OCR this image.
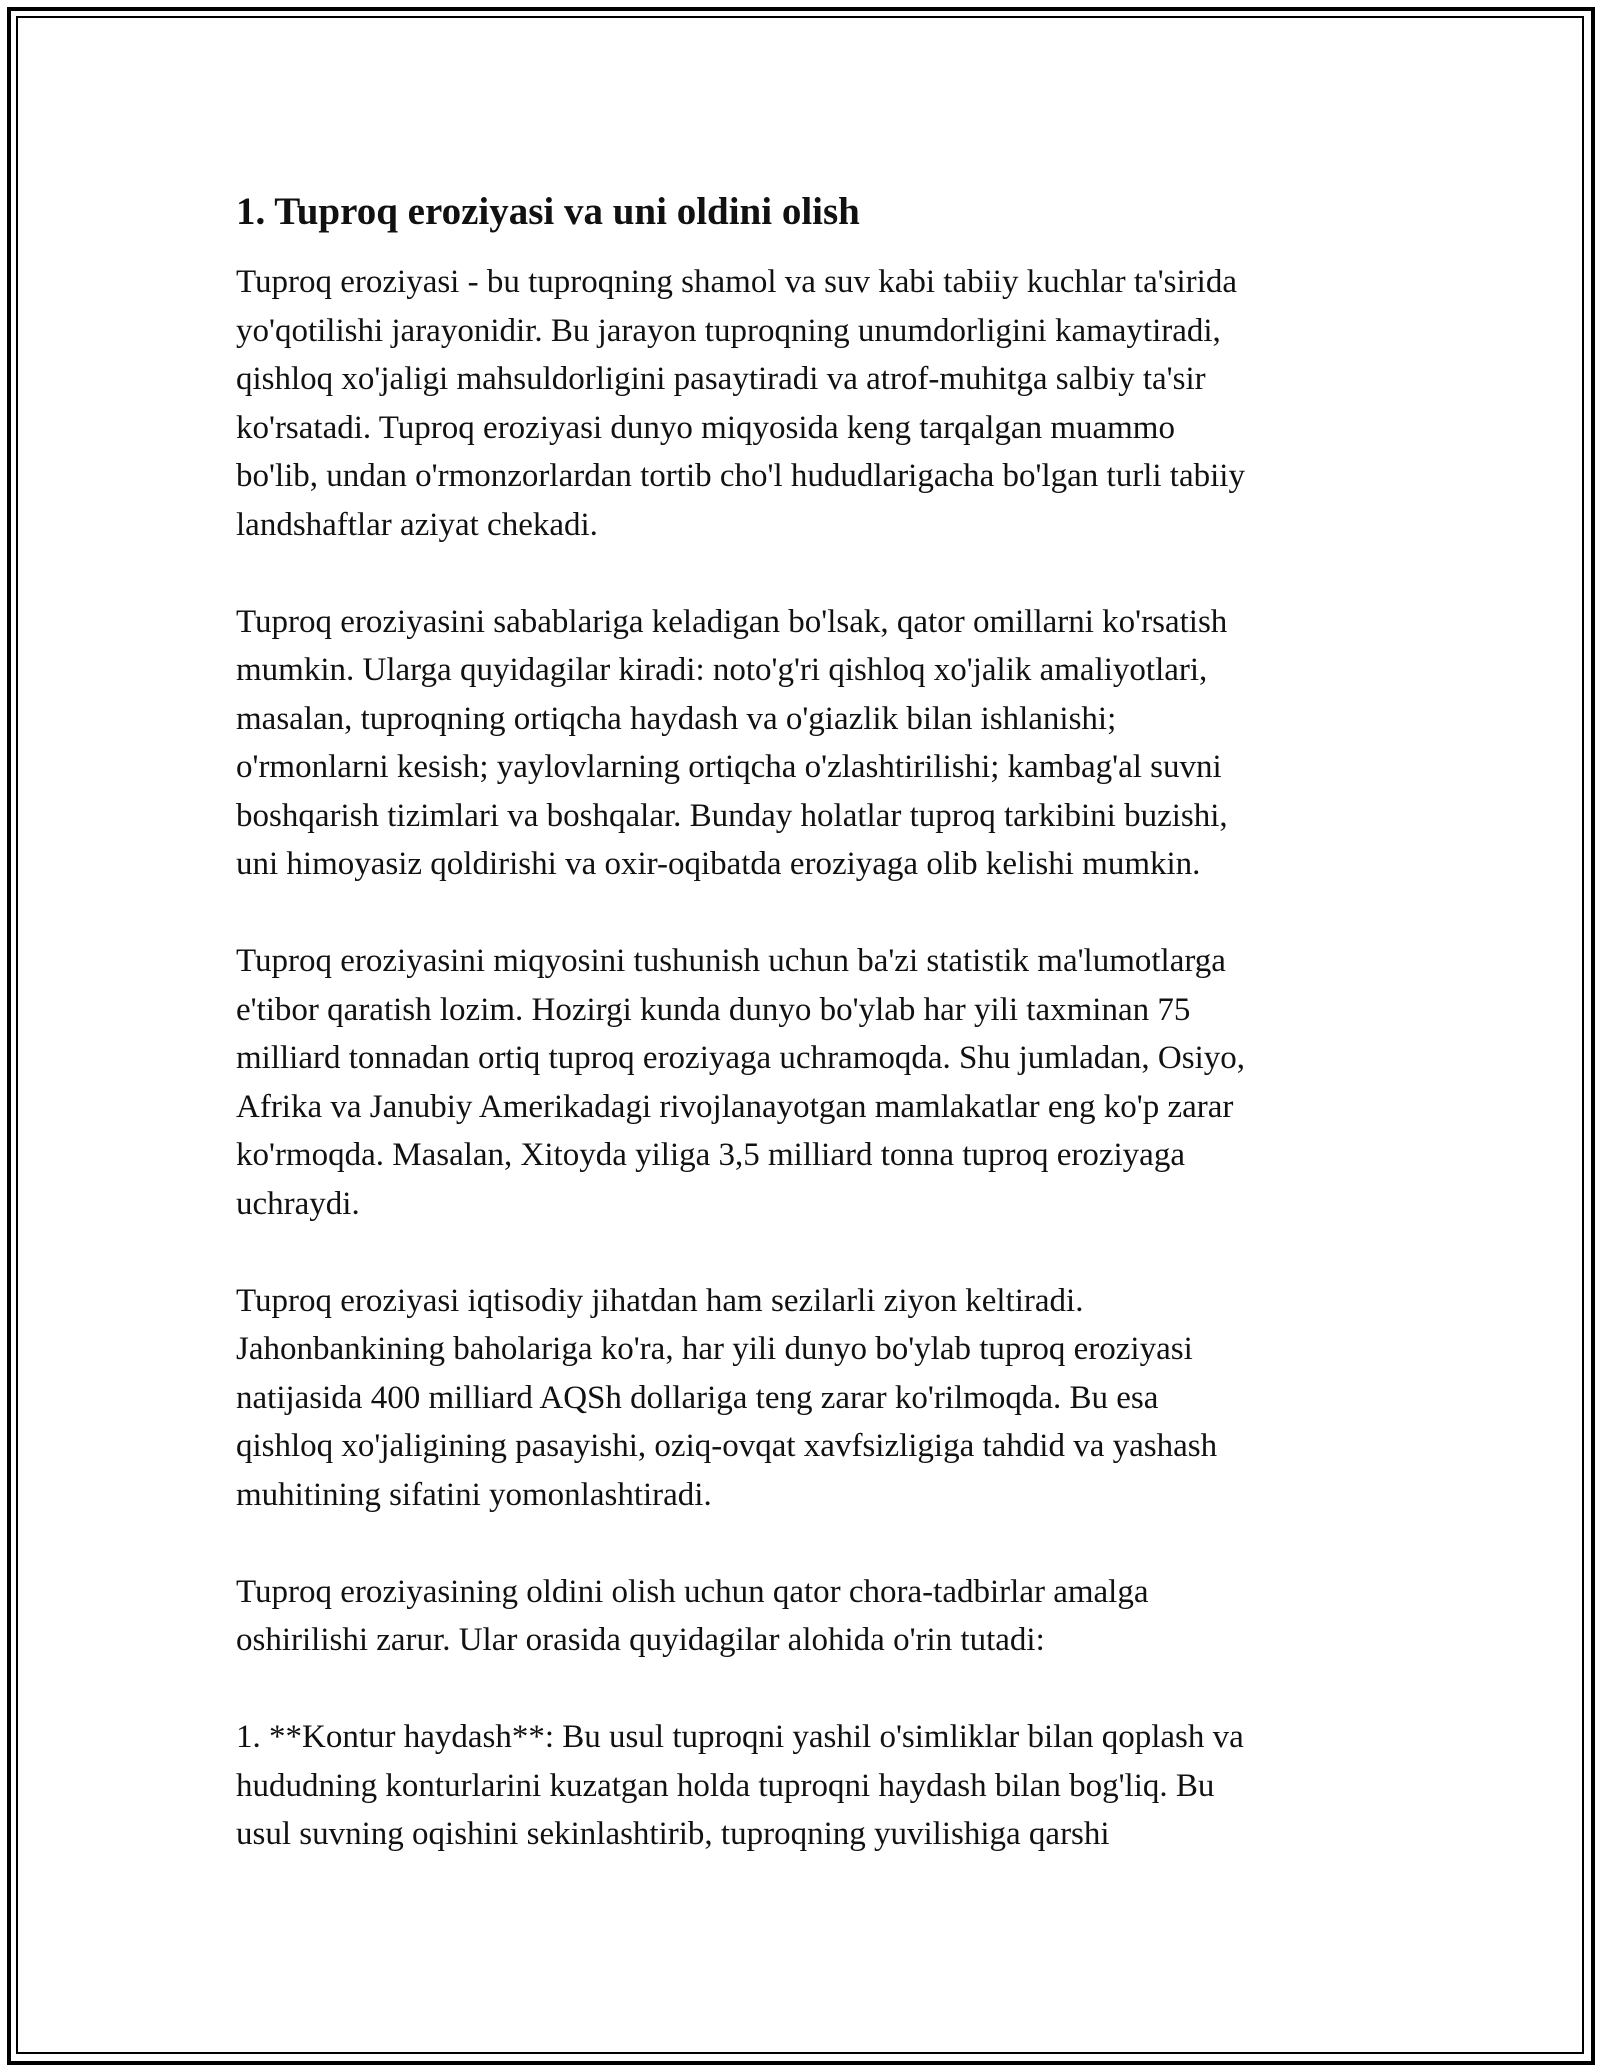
1. Tuproq eroziyasi va uni oldini olish

Tuproq eroziyasi - bu tuproqning shamol va suv kabi tabiiy kuchlar ta'sirida
yo'qotilishi jarayonidir. Bu jarayon tuproqning unumdorligini kamaytiradi,
qishloq xo'jaligi mahsuldorligini pasaytiradi va atrof-muhitga salbiy ta'sir
ko'rsatadi. Tuproq eroziyasi dunyo miqyosida keng tarqalgan muammo
bo'lib, undan o'rmonzorlardan tortib cho'l hududlarigacha bo'lgan turli tabiiy
landshaftlar aziyat chekadi.

Tuproq eroziyasini sabablariga keladigan bo'lsak, qator omillarni ko'rsatish
mumkin. Ularga quyidagilar kiradi: noto'g'ri qishloq xo'jalik amaliyotlari,
masalan, tuproqning ortiqcha haydash va o'giazlik bilan ishlanishi;
o'rmonlarni kesish; yaylovlarning ortiqcha o'zlashtirilishi; kambag'al suvni
boshqarish tizimlari va boshqalar. Bunday holatlar tuproq tarkibini buzishi,
uni himoyasiz qoldirishi va oxir-oqibatda eroziyaga olib kelishi mumkin.

Tuproq eroziyasini miqyosini tushunish uchun ba'zi statistik ma'lumotlarga
e'tibor qaratish lozim. Hozirgi kunda dunyo bo'ylab har yili taxminan 75
milliard tonnadan ortiq tuproq eroziyaga uchramoqda. Shu jumladan, Osiyo,
Afrika va Janubiy Amerikadagi rivojlanayotgan mamlakatlar eng ko'p zarar
ko'rmoqda. Masalan, Xitoyda yiliga 3,5 milliard tonna tuproq eroziyaga
uchraydi.

Tuproq eroziyasi iqtisodiy jihatdan ham sezilarli ziyon keltiradi.
Jahonbankining baholariga ko'ra, har yili dunyo bo'ylab tuproq eroziyasi
natijasida 400 milliard AQSh dollariga teng zarar ko'rilmoqda. Bu esa
qishloq xo'jaligining pasayishi, oziq-ovqat xavfsizligiga tahdid va yashash
muhitining sifatini yomonlashtiradi.

Tuproq eroziyasining oldini olish uchun qator chora-tadbirlar amalga
oshirilishi zarur. Ular orasida quyidagilar alohida o'rin tutadi:

1. **Kontur haydash**: Bu usul tuproqni yashil o'simliklar bilan qoplash va
hududning konturlarini kuzatgan holda tuproqni haydash bilan bog'liq. Bu
usul suvning oqishini sekinlashtirib, tuproqning yuvilishiga qarshi
